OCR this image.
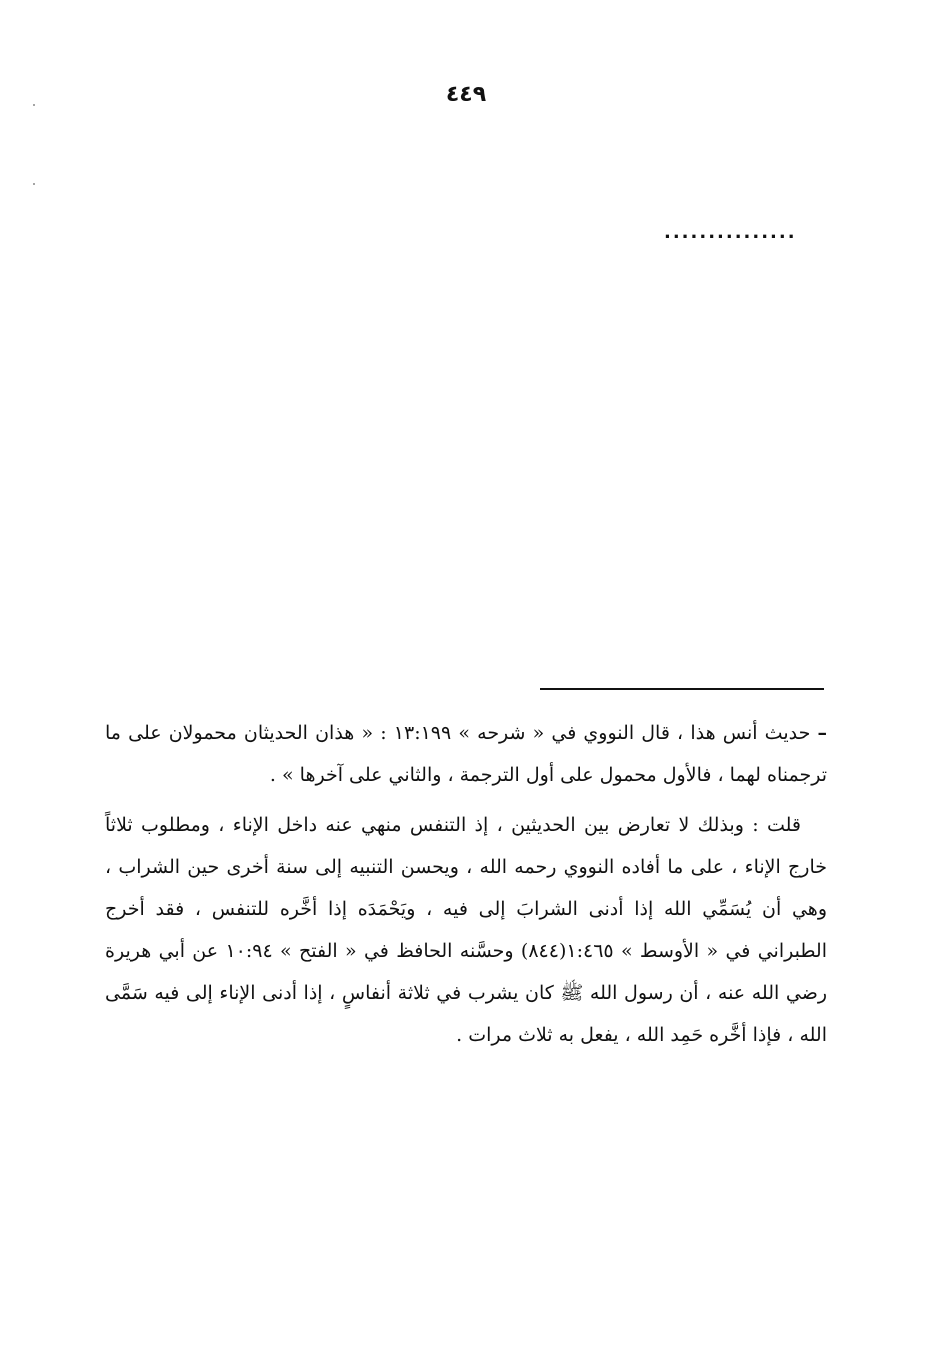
٤٤٩
...............

– حديث أنس هذا ، قال النووي في « شرحه » ١٣:١٩٩ : « هذان الحديثان محمولان على ما ترجمناه لهما ، فالأول محمول على أول الترجمة ، والثاني على آخرها » .

قلت : وبذلك لا تعارض بين الحديثين ، إذ التنفس منهي عنه داخل الإناء ، ومطلوب ثلاثاً خارج الإناء ، على ما أفاده النووي رحمه الله ، ويحسن التنبيه إلى سنة أخرى حين الشراب ، وهي أن يُسَمِّي الله إذا أدنى الشرابَ إلى فيه ، ويَحْمَدَه إذا أخَّره للتنفس ، فقد أخرج الطبراني في « الأوسط » ١:٤٦٥(٨٤٤) وحسَّنه الحافظ في « الفتح » ١٠:٩٤ عن أبي هريرة رضي الله عنه ، أن رسول الله ﷺ كان يشرب في ثلاثة أنفاسٍ ، إذا أدنى الإناء إلى فيه سَمَّى الله ، فإذا أخَّره حَمِد الله ، يفعل به ثلاث مرات .
